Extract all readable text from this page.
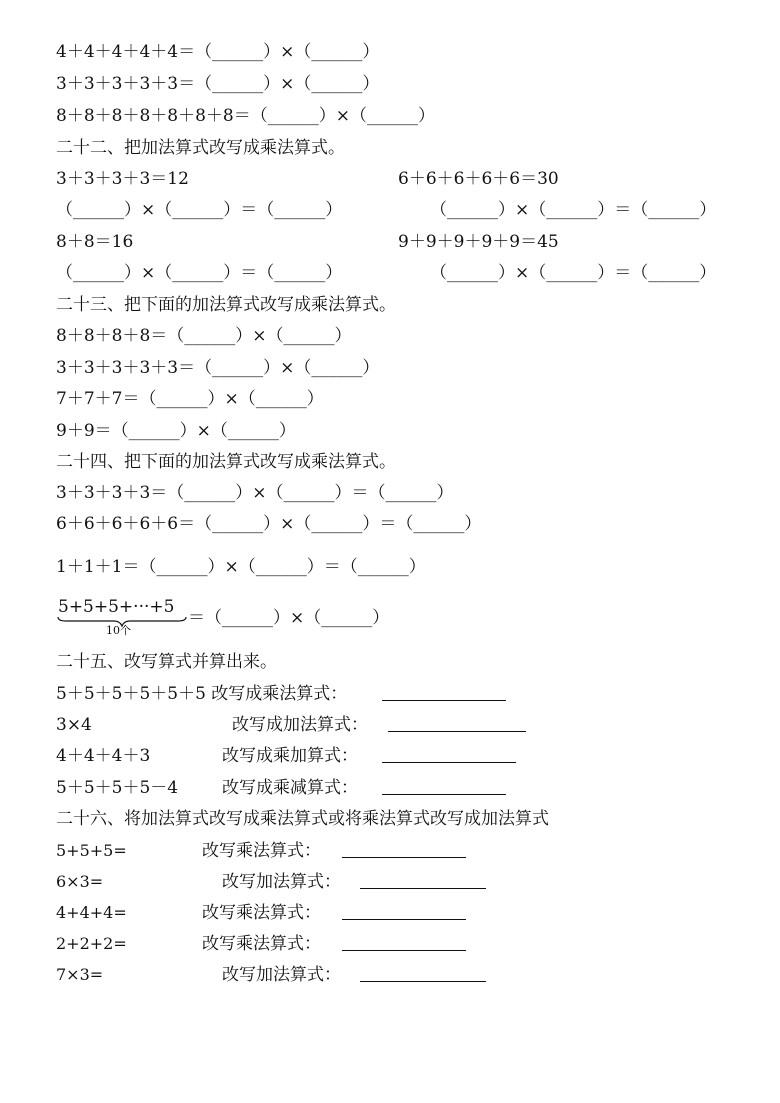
4＋4＋4＋4＋4＝（______）×（______）
3＋3＋3＋3＋3＝（______）×（______）
8＋8＋8＋8＋8＋8＋8＝（______）×（______）
二十二、把加法算式改写成乘法算式。
3＋3＋3＋3＝12	6＋6＋6＋6＋6＝30
（______）×（______）＝（______）	（______）×（______）＝（______）
8＋8＝16	9＋9＋9＋9＋9＝45
（______）×（______）＝（______）	（______）×（______）＝（______）
二十三、把下面的加法算式改写成乘法算式。
8＋8＋8＋8＝（______）×（______）
3＋3＋3＋3＋3＝（______）×（______）
7＋7＋7＝（______）×（______）
9＋9＝（______）×（______）
二十四、把下面的加法算式改写成乘法算式。
3＋3＋3＋3＝（______）×（______）＝（______）
6＋6＋6＋6＋6＝（______）×（______）＝（______）
1＋1＋1＝（______）×（______）＝（______）
5+5+5+···+5
10个
＝（______）×（______）
二十五、改写算式并算出来。
5＋5＋5＋5＋5＋5 改写成乘法算式：
3×4	改写成加法算式：
4＋4＋4＋3	改写成乘加算式：
5＋5＋5＋5－4	改写成乘减算式：
二十六、将加法算式改写成乘法算式或将乘法算式改写成加法算式
5+5+5=	改写乘法算式：
6×3=	改写加法算式：
4+4+4=	改写乘法算式：
2+2+2=	改写乘法算式：
7×3=	改写加法算式：
